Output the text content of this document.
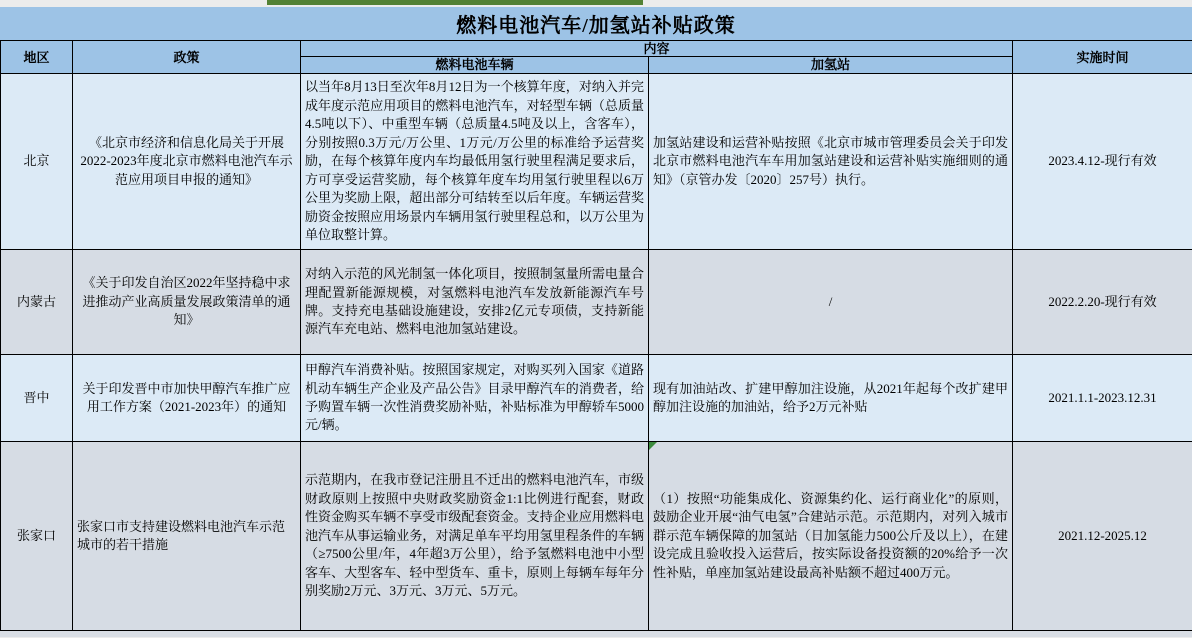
燃料电池汽车/加氢站补贴政策
地区	政策	内容		实施时间
		燃料电池车辆	加氢站	
北京	《北京市经济和信息化局关于开展2022-2023年度北京市燃料电池汽车示范应用项目申报的通知》	以当年8月13日至次年8月12日为一个核算年度，对纳入并完成年度示范应用项目的燃料电池汽车，对轻型车辆（总质量4.5吨以下）、中重型车辆（总质量4.5吨及以上，含客车），分别按照0.3万元/万公里、1万元/万公里的标准给予运营奖励，在每个核算年度内车均最低用氢行驶里程满足要求后，方可享受运营奖励，每个核算年度车均用氢行驶里程以6万公里为奖励上限，超出部分可结转至以后年度。车辆运营奖励资金按照应用场景内车辆用氢行驶里程总和，以万公里为单位取整计算。	加氢站建设和运营补贴按照《北京市城市管理委员会关于印发北京市燃料电池汽车车用加氢站建设和运营补贴实施细则的通知》（京管办发〔2020〕257号）执行。	2023.4.12-现行有效
内蒙古	《关于印发自治区2022年坚持稳中求进推动产业高质量发展政策清单的通知》	对纳入示范的风光制氢一体化项目，按照制氢量所需电量合理配置新能源规模，对氢燃料电池汽车发放新能源汽车号牌。支持充电基础设施建设，安排2亿元专项债，支持新能源汽车充电站、燃料电池加氢站建设。	/	2022.2.20-现行有效
晋中	关于印发晋中市加快甲醇汽车推广应用工作方案（2021-2023年）的通知	甲醇汽车消费补贴。按照国家规定，对购买列入国家《道路机动车辆生产企业及产品公告》目录甲醇汽车的消费者，给予购置车辆一次性消费奖励补贴，补贴标准为甲醇轿车5000元/辆。	现有加油站改、扩建甲醇加注设施，从2021年起每个改扩建甲醇加注设施的加油站，给予2万元补贴	2021.1.1-2023.12.31
张家口	张家口市支持建设燃料电池汽车示范城市的若干措施	示范期内，在我市登记注册且不迁出的燃料电池汽车，市级财政原则上按照中央财政奖励资金1:1比例进行配套，财政性资金购买车辆不享受市级配套资金。支持企业应用燃料电池汽车从事运输业务，对满足单车平均用氢里程条件的车辆（≥7500公里/年，4年超3万公里），给予氢燃料电池中小型客车、大型客车、轻中型货车、重卡，原则上每辆车每年分别奖励2万元、3万元、3万元、5万元。	（1）按照“功能集成化、资源集约化、运行商业化”的原则，鼓励企业开展“油气电氢”合建站示范。示范期内，对列入城市群示范车辆保障的加氢站（日加氢能力500公斤及以上），在建设完成且验收投入运营后，按实际设备投资额的20%给予一次性补贴，单座加氢站建设最高补贴额不超过400万元。	2021.12-2025.12
